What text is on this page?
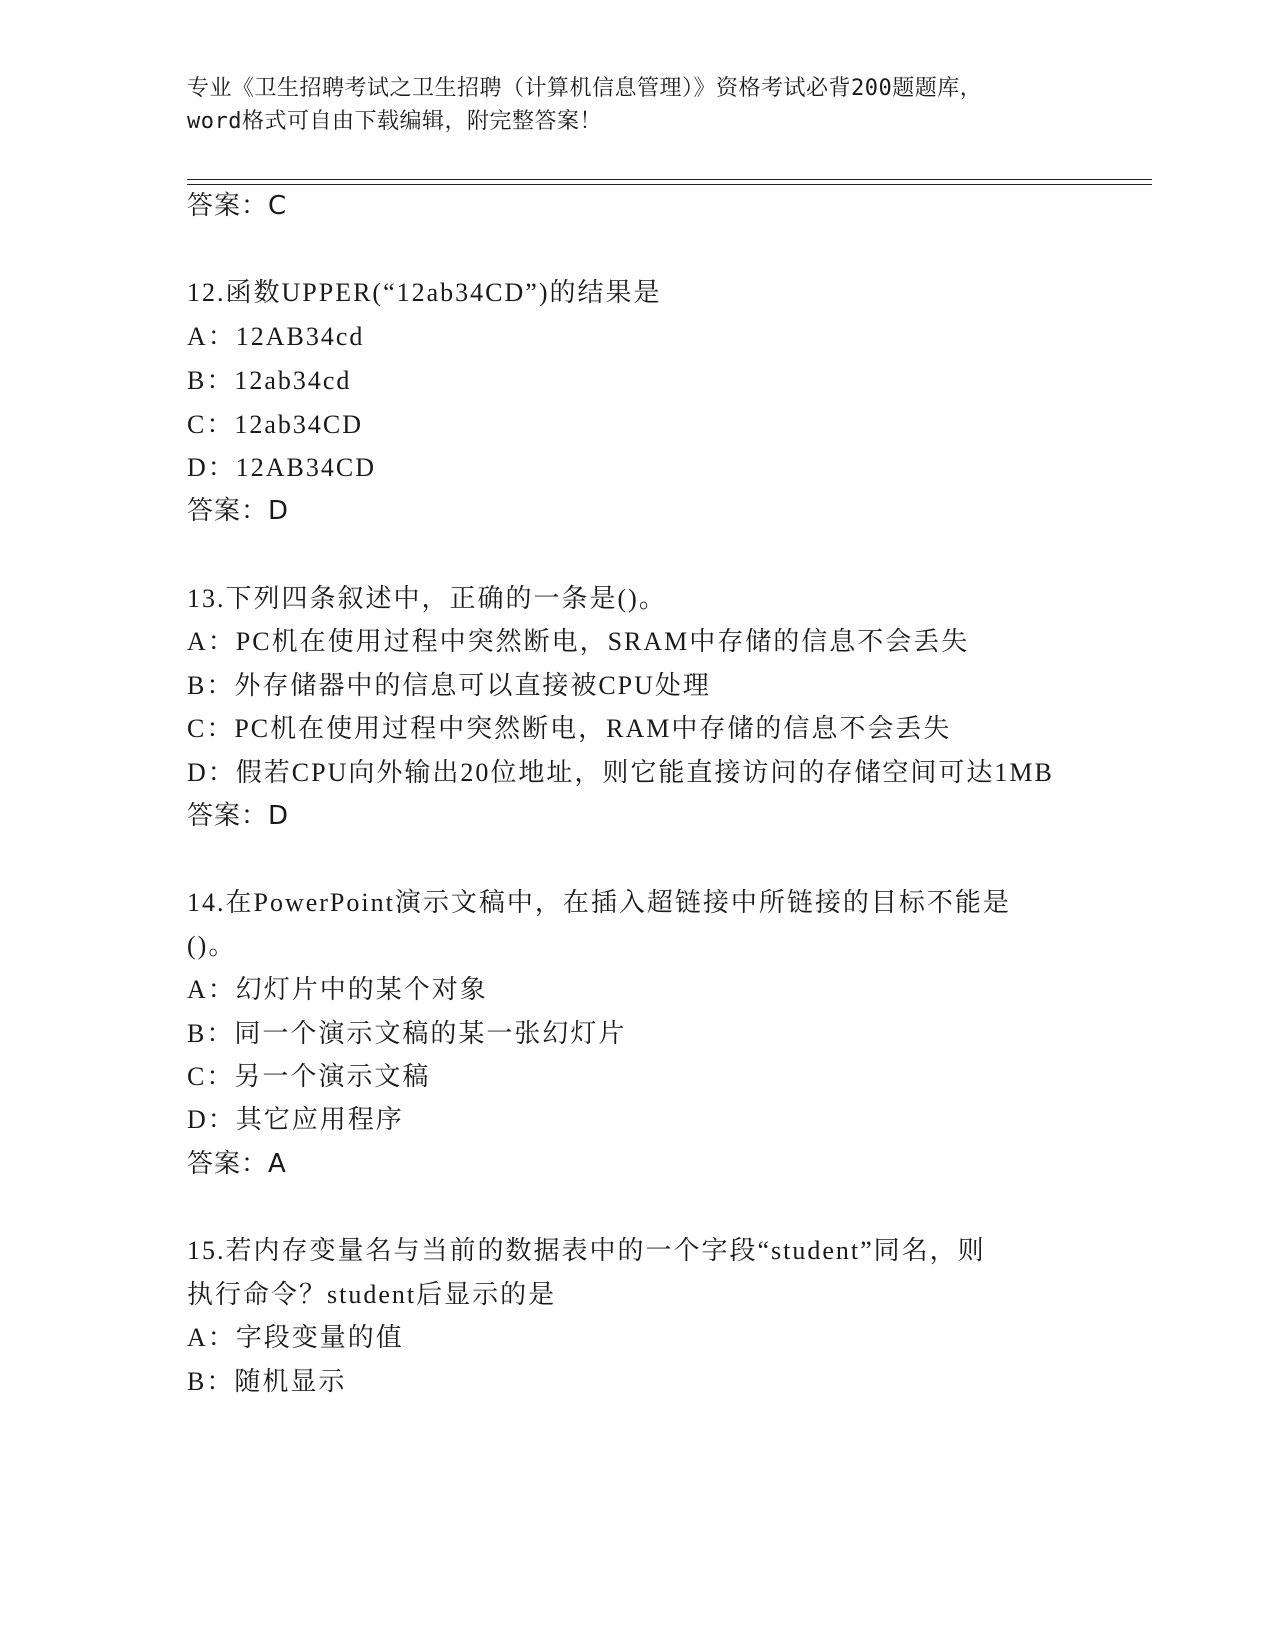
专业《卫生招聘考试之卫生招聘（计算机信息管理）》资格考试必背200题题库，
word格式可自由下载编辑，附完整答案！
答案：C
12.函数UPPER(“12ab34CD”)的结果是
A：12AB34cd
B：12ab34cd
C：12ab34CD
D：12AB34CD
答案：D
13.下列四条叙述中，正确的一条是()。
A：PC机在使用过程中突然断电，SRAM中存储的信息不会丢失
B：外存储器中的信息可以直接被CPU处理
C：PC机在使用过程中突然断电，RAM中存储的信息不会丢失
D：假若CPU向外输出20位地址，则它能直接访问的存储空间可达1MB
答案：D
14.在PowerPoint演示文稿中，在插入超链接中所链接的目标不能是
()。
A：幻灯片中的某个对象
B：同一个演示文稿的某一张幻灯片
C：另一个演示文稿
D：其它应用程序
答案：A
15.若内存变量名与当前的数据表中的一个字段“student”同名，则
执行命令？student后显示的是
A：字段变量的值
B：随机显示
